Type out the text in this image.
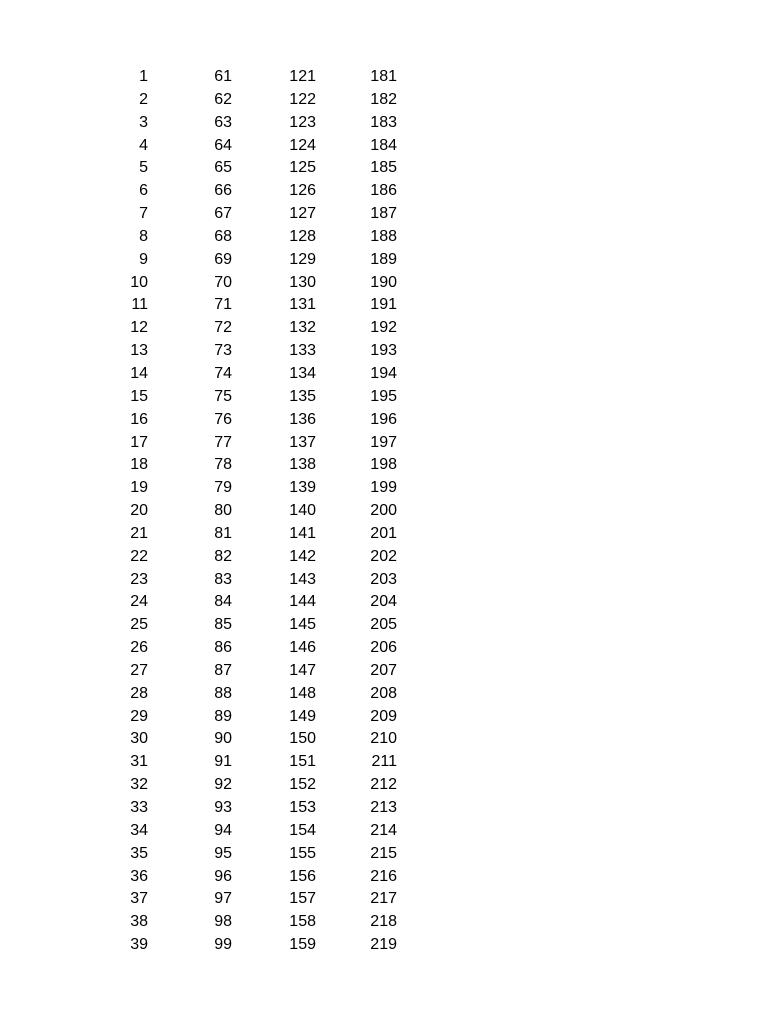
1	61	121	181
2	62	122	182
3	63	123	183
4	64	124	184
5	65	125	185
6	66	126	186
7	67	127	187
8	68	128	188
9	69	129	189
10	70	130	190
11	71	131	191
12	72	132	192
13	73	133	193
14	74	134	194
15	75	135	195
16	76	136	196
17	77	137	197
18	78	138	198
19	79	139	199
20	80	140	200
21	81	141	201
22	82	142	202
23	83	143	203
24	84	144	204
25	85	145	205
26	86	146	206
27	87	147	207
28	88	148	208
29	89	149	209
30	90	150	210
31	91	151	211
32	92	152	212
33	93	153	213
34	94	154	214
35	95	155	215
36	96	156	216
37	97	157	217
38	98	158	218
39	99	159	219
